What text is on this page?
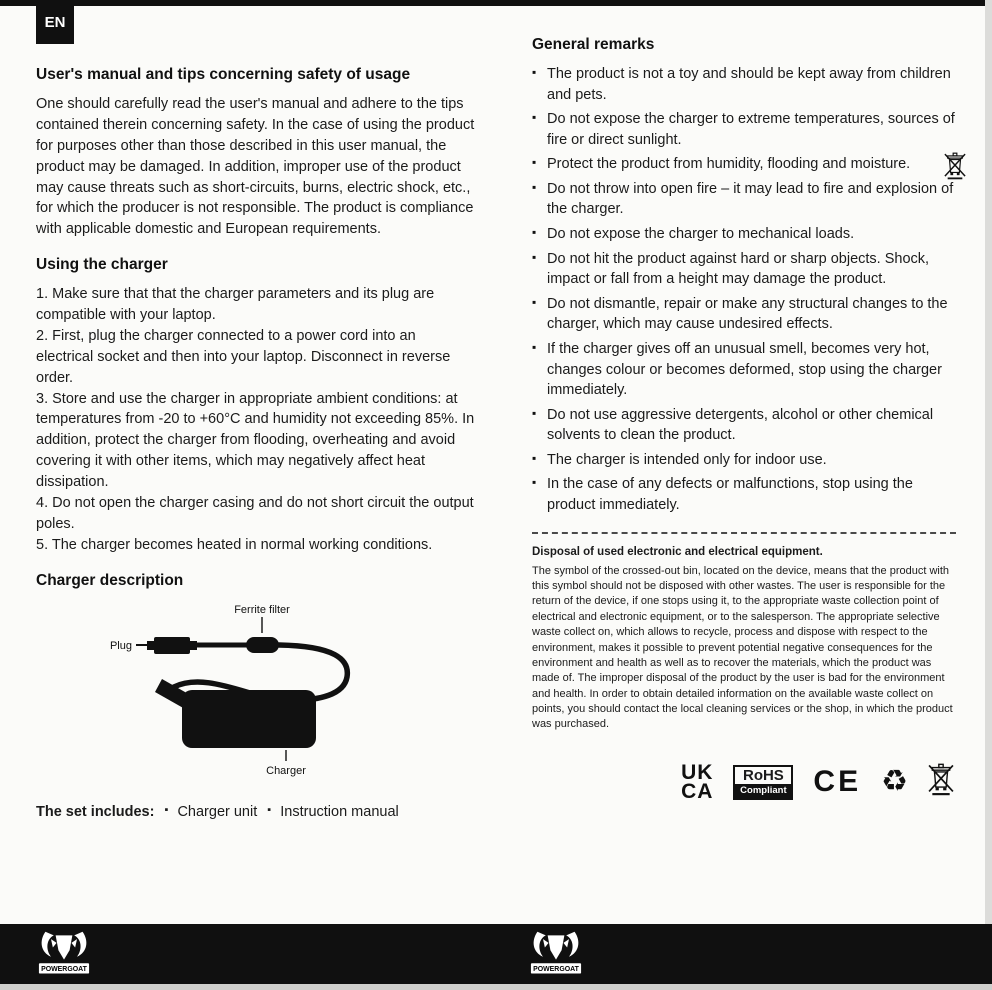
EN
User's manual and tips concerning safety of usage

One should carefully read the user's manual and adhere to the tips contained therein concerning safety. In the case of using the product for purposes other than those described in this user manual, the product may be damaged. In addition, improper use of the product may cause threats such as short-circuits, burns, electric shock, etc., for which the producer is not responsible. The product is compliance with applicable domestic and European requirements.

Using the charger

1. Make sure that that the charger parameters and its plug are compatible with your laptop.

2. First, plug the charger connected to a power cord into an electrical socket and then into your laptop. Disconnect in reverse order.

3. Store and use the charger in appropriate ambient conditions: at temperatures from -20 to +60°C and humidity not exceeding 85%. In addition, protect the charger from flooding, overheating and avoid covering it with other items, which may negatively affect heat dissipation.

4. Do not open the charger casing and do not short circuit the output poles.

5. The charger becomes heated in normal working conditions.

Charger description
Ferrite filter
Plug
Charger
The set includes:	▪ Charger unit	▪ Instruction manual
General remarks
▪ The product is not a toy and should be kept away from children and pets.
▪ Do not expose the charger to extreme temperatures, sources of fire or direct sunlight.
▪ Protect the product from humidity, flooding and moisture.
▪ Do not throw into open fire – it may lead to fire and explosion of the charger.
▪ Do not expose the charger to mechanical loads.
▪ Do not hit the product against hard or sharp objects. Shock, impact or fall from a height may damage the product.
▪ Do not dismantle, repair or make any structural changes to the charger, which may cause undesired effects.
▪ If the charger gives off an unusual smell, becomes very hot, changes colour or becomes deformed, stop using the charger immediately.
▪ Do not use aggressive detergents, alcohol or other chemical solvents to clean the product.
▪ The charger is intended only for indoor use.
▪ In the case of any defects or malfunctions, stop using the product immediately.
Disposal of used electronic and electrical equipment.

The symbol of the crossed-out bin, located on the device, means that the product with this symbol should not be disposed with other wastes. The user is responsible for the return of the device, if one stops using it, to the appropriate waste collection point of electrical and electronic equipment, or to the salesperson. The appropriate selective waste collect on, which allows to recycle, process and dispose with respect to the environment, makes it possible to prevent potential negative consequences for the environment and health as well as to recover the materials, which the product was made of. The improper disposal of the product by the user is bad for the environment and health. In order to obtain detailed information on the available waste collect on points, you should contact the local cleaning services or the shop, in which the product was purchased.

UK
CA
RoHS
Compliant CE ♻
POWERGOAT	POWERGOAT
